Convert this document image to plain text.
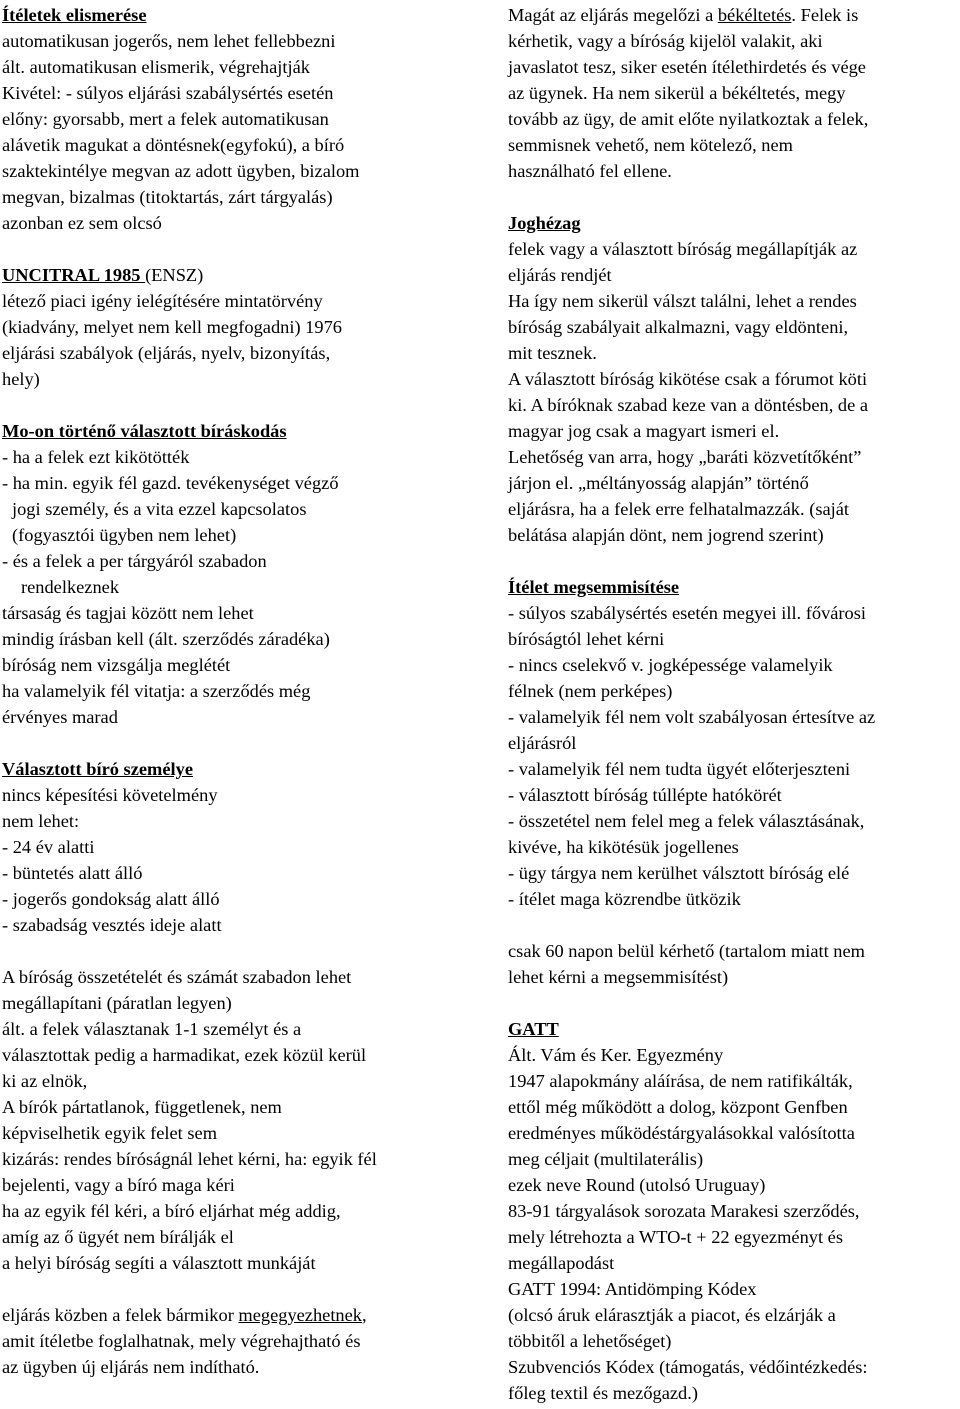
Ítéletek elismerése
automatikusan jogerős, nem lehet fellebbezni
ált. automatikusan elismerik, végrehajtják
Kivétel: - súlyos eljárási szabálysértés esetén
előny: gyorsabb, mert a felek automatikusan
alávetik magukat a döntésnek(egyfokú), a bíró
szaktekintélye megvan az adott ügyben, bizalom
megvan, bizalmas (titoktartás, zárt tárgyalás)
azonban ez sem olcsó
UNCITRAL 1985 (ENSZ)
létező piaci igény ielégítésére mintatörvény
(kiadvány, melyet nem kell megfogadni) 1976
eljárási szabályok (eljárás, nyelv, bizonyítás,
hely)
Mo-on történő választott bíráskodás
- ha a felek ezt kikötötték
- ha min. egyik fél gazd. tevékenységet végző
jogi személy, és a vita ezzel kapcsolatos
(fogyasztói ügyben nem lehet)
- és a felek a per tárgyáról szabadon
rendelkeznek
társaság és tagjai között nem lehet
mindig írásban kell (ált. szerződés záradéka)
bíróság nem vizsgálja meglétét
ha valamelyik fél vitatja: a szerződés még
érvényes marad
Választott bíró személye
nincs képesítési követelmény
nem lehet:
- 24 év alatti
- büntetés alatt álló
- jogerős gondokság alatt álló
- szabadság vesztés ideje alatt
A bíróság összetételét és számát szabadon lehet
megállapítani (páratlan legyen)
ált. a felek választanak 1-1 személyt és a
választottak pedig a harmadikat, ezek közül kerül
ki az elnök,
A bírók pártatlanok, függetlenek, nem
képviselhetik egyik felet sem
kizárás: rendes bíróságnál lehet kérni, ha: egyik fél
bejelenti, vagy a bíró maga kéri
ha az egyik fél kéri, a bíró eljárhat még addig,
amíg az ő ügyét nem bírálják el
a helyi bíróság segíti a választott munkáját
eljárás közben a felek bármikor megegyezhetnek,
amit ítéletbe foglalhatnak, mely végrehajtható és
az ügyben új eljárás nem indítható.
Magát az eljárás megelőzi a békéltetés. Felek is
kérhetik, vagy a bíróság kijelöl valakit, aki
javaslatot tesz, siker esetén ítélethirdetés és vége
az ügynek. Ha nem sikerül a békéltetés, megy
tovább az ügy, de amit előte nyilatkoztak a felek,
semmisnek vehető, nem kötelező, nem
használható fel ellene.
Joghézag
felek vagy a választott bíróság megállapítják az
eljárás rendjét
Ha így nem sikerül válszt találni, lehet a rendes
bíróság szabályait alkalmazni, vagy eldönteni,
mit tesznek.
A választott bíróság kikötése csak a fórumot köti
ki. A bíróknak szabad keze van a döntésben, de a
magyar jog csak a magyart ismeri el.
Lehetőség van arra, hogy „baráti közvetítőként”
járjon el. „méltányosság alapján” történő
eljárásra, ha a felek erre felhatalmazzák. (saját
belátása alapján dönt, nem jogrend szerint)
Ítélet megsemmisítése
- súlyos szabálysértés esetén megyei ill. fővárosi
bíróságtól lehet kérni
- nincs cselekvő v. jogképessége valamelyik
félnek (nem perképes)
- valamelyik fél nem volt szabályosan értesítve az
eljárásról
- valamelyik fél nem tudta ügyét előterjeszteni
- választott bíróság túllépte hatókörét
- összetétel nem felel meg a felek választásának,
kivéve, ha kikötésük jogellenes
- ügy tárgya nem kerülhet válsztott bíróság elé
- ítélet maga közrendbe ütközik
csak 60 napon belül kérhető (tartalom miatt nem
lehet kérni a megsemmisítést)
GATT
Ált. Vám és Ker. Egyezmény
1947 alapokmány aláírása, de nem ratifikálták,
ettől még működött a dolog, központ Genfben
eredményes működéstárgyalásokkal valósította
meg céljait (multilaterális)
ezek neve Round (utolsó Uruguay)
83-91 tárgyalások sorozata Marakesi szerződés,
mely létrehozta a WTO-t + 22 egyezményt és
megállapodást
GATT 1994: Antidömping Kódex
(olcsó áruk elárasztják a piacot, és elzárják a
többitől a lehetőséget)
Szubvenciós Kódex (támogatás, védőintézkedés:
főleg textil és mezőgazd.)
